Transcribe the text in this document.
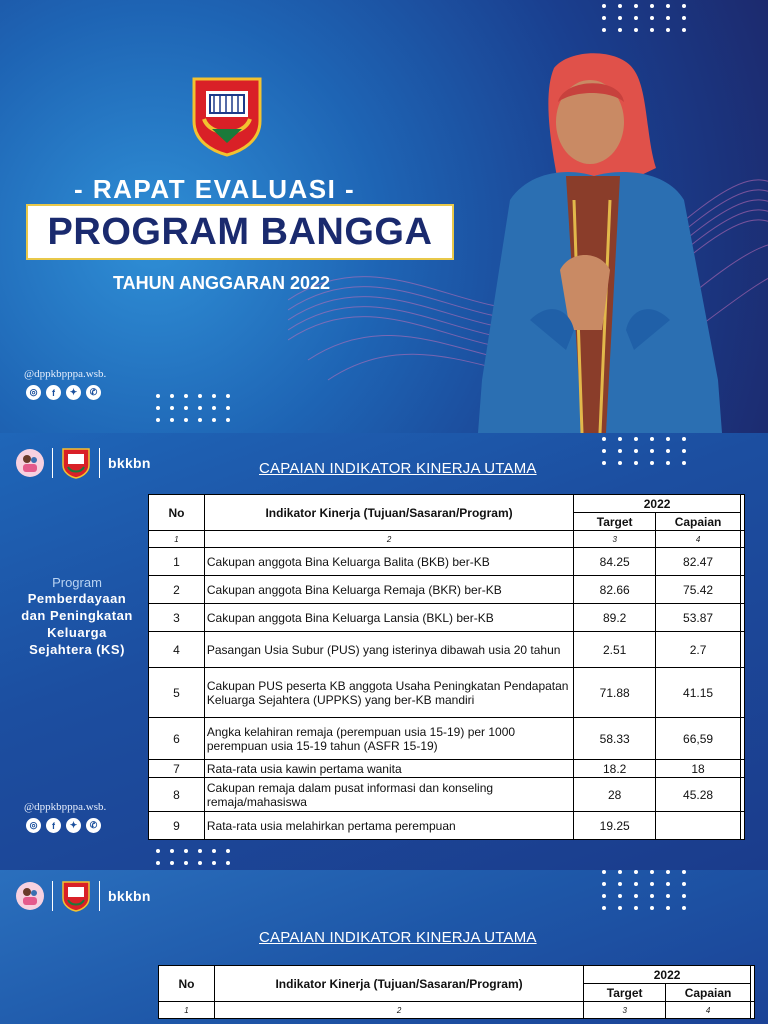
- RAPAT EVALUASI -
PROGRAM BANGGA
TAHUN ANGGARAN 2022
@dppkbpppa.wsb.
◎	f	✦	✆
bkkbn	CAPAIAN INDIKATOR KINERJA UTAMA
Program
Pemberdayaan dan Peningkatan Keluarga Sejahtera (KS)
@dppkbpppa.wsb.
◎	f	✦	✆
No	Indikator Kinerja (Tujuan/Sasaran/Program)	2022		
		Target	Capaian	
1	2	3	4	
1	Cakupan anggota Bina Keluarga Balita (BKB) ber-KB	84.25	82.47	
2	Cakupan anggota Bina Keluarga Remaja (BKR) ber-KB	82.66	75.42	
3	Cakupan anggota Bina Keluarga Lansia (BKL) ber-KB	89.2	53.87	
4	Pasangan Usia Subur (PUS) yang isterinya dibawah usia 20 tahun	2.51	2.7	
5	Cakupan PUS peserta KB anggota Usaha Peningkatan Pendapatan Keluarga Sejahtera (UPPKS) yang ber-KB mandiri	71.88	41.15	
6	Angka kelahiran remaja (perempuan usia 15-19) per 1000 perempuan usia 15-19 tahun (ASFR 15-19)	58.33	66,59	
7	Rata-rata usia kawin pertama wanita	18.2	18	
8	Cakupan remaja dalam pusat informasi dan konseling remaja/mahasiswa	28	45.28	
9	Rata-rata usia melahirkan pertama perempuan	19.25		
bkkbn
CAPAIAN INDIKATOR KINERJA UTAMA
No	Indikator Kinerja (Tujuan/Sasaran/Program)	2022		
		Target	Capaian	
1	2	3	4	
